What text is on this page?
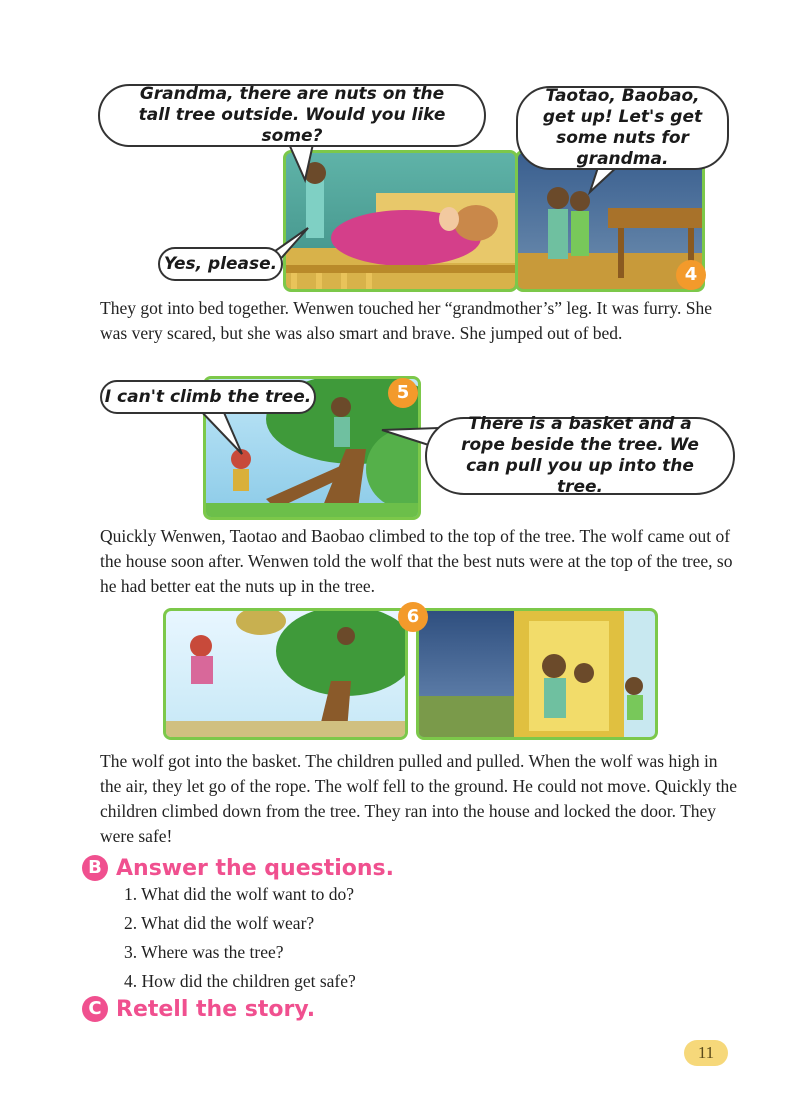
4
Grandma, there are nuts on the tall tree outside. Would you like some?
Taotao, Baobao, get up! Let's get some nuts for grandma.
Yes, please.

They got into bed together. Wenwen touched her “grandmother’s” leg. It was furry. She was very scared, but she was also smart and brave. She jumped out of bed.

5
I can't climb the tree.
There is a basket and a rope beside the tree. We can pull you up into the tree.

Quickly Wenwen, Taotao and Baobao climbed to the top of the tree. The wolf came out of the house soon after. Wenwen told the wolf that the best nuts were at the top of the tree, so he had better eat the nuts up in the tree.

6

The wolf got into the basket. The children pulled and pulled. When the wolf was high in the air, they let go of the rope. The wolf fell to the ground. He could not move. Quickly the children climbed down from the tree. They ran into the house and locked the door. They were safe!

B Answer the questions.
1. What did the wolf want to do?
2. What did the wolf wear?
3. Where was the tree?
4. How did the children get safe?
C Retell the story.
11
